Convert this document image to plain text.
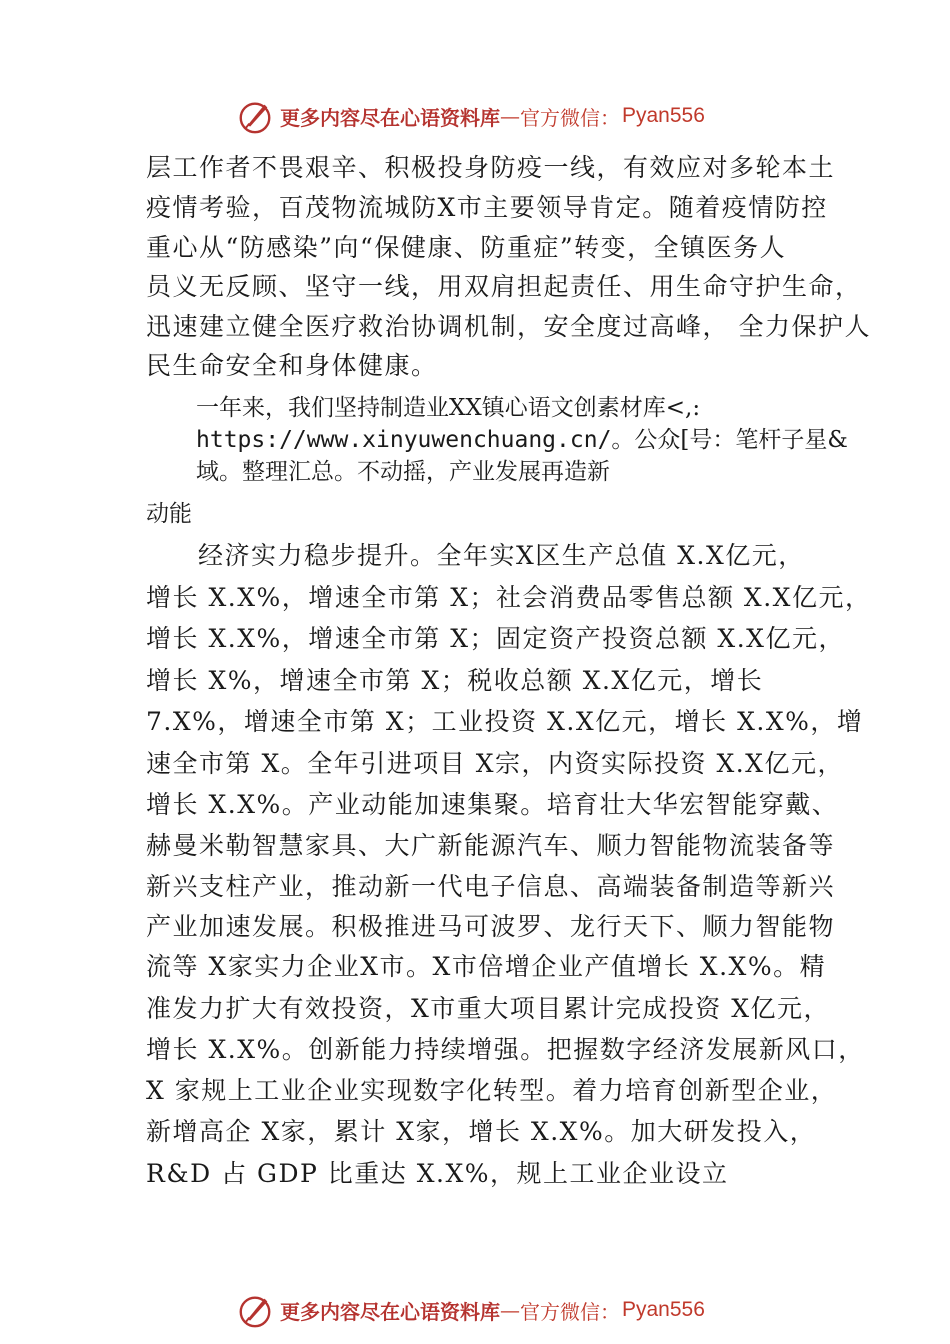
更多内容尽在心语资料库 — 官方微信： Pyan556
层工作者不畏艰辛、积极投身防疫一线，有效应对多轮本土
疫情考验，百茂物流城防X市主要领导肯定。随着疫情防控
重心从“防感染”向“保健康、防重症”转变，全镇医务人
员义无反顾、坚守一线，用双肩担起责任、用生命守护生命，
迅速建立健全医疗救治协调机制，安全度过高峰， 全力保护人
民生命安全和身体健康。
一年来，我们坚持制造业XX镇心语文创素材库<,:
https://www.xinyuwenchuang.cn/。公众[号：笔杆子星&
域。整理汇总。不动摇，产业发展再造新
动能
经济实力稳步提升。全年实X区生产总值 X.X亿元，
增长 X.X%，增速全市第 X；社会消费品零售总额 X.X亿元，
增长 X.X%，增速全市第 X；固定资产投资总额 X.X亿元，
增长 X%，增速全市第 X；税收总额 X.X亿元，增长
7.X%，增速全市第 X；工业投资 X.X亿元，增长 X.X%，增
速全市第 X。全年引进项目 X宗，内资实际投资 X.X亿元，
增长 X.X%。产业动能加速集聚。培育壮大华宏智能穿戴、
赫曼米勒智慧家具、大广新能源汽车、顺力智能物流装备等
新兴支柱产业，推动新一代电子信息、高端装备制造等新兴
产业加速发展。积极推进马可波罗、龙行天下、顺力智能物
流等 X家实力企业X市。X市倍增企业产值增长 X.X%。精
准发力扩大有效投资，X市重大项目累计完成投资 X亿元，
增长 X.X%。创新能力持续增强。把握数字经济发展新风口，
X 家规上工业企业实现数字化转型。着力培育创新型企业，
新增高企 X家，累计 X家，增长 X.X%。加大研发投入，
R&D 占 GDP 比重达 X.X%，规上工业企业设立
更多内容尽在心语资料库 — 官方微信： Pyan556
